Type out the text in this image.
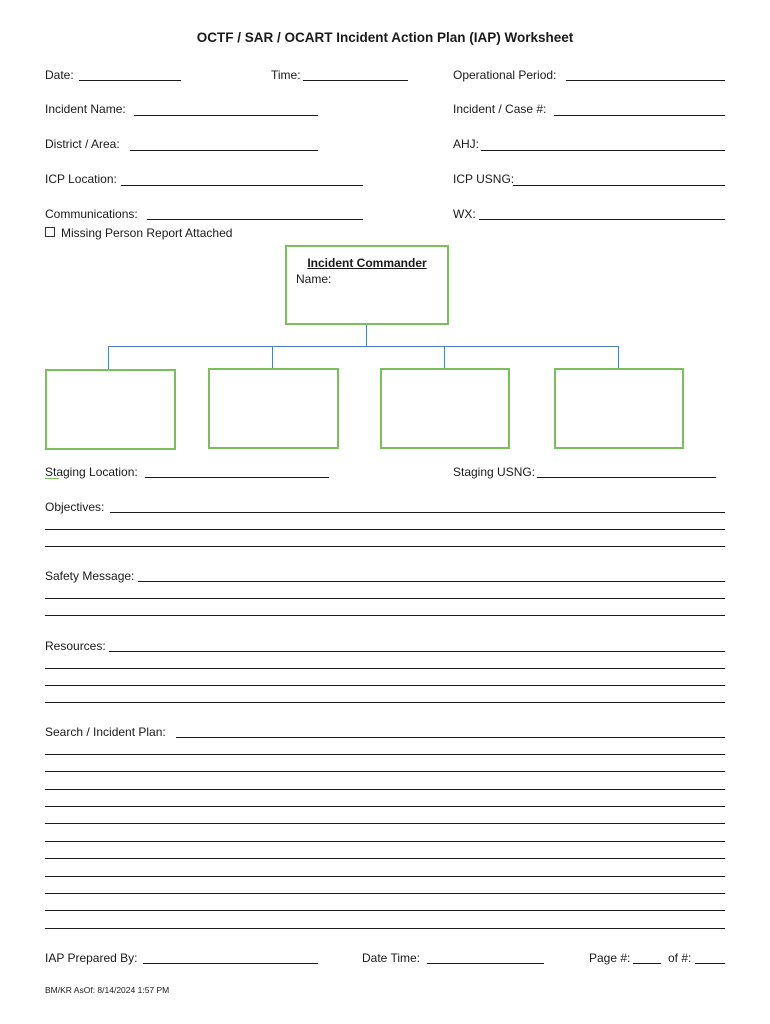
OCTF / SAR / OCART Incident Action Plan (IAP) Worksheet
Date:	Time:	Operational Period:
Incident Name:	Incident / Case #:
District / Area:	AHJ:
ICP Location:	ICP USNG:
Communications:	WX:
Missing Person Report Attached
Incident Commander
Name:
Staging Location:	Staging USNG:
Objectives:
Safety Message:
Resources:
Search / Incident Plan:
IAP Prepared By:	Date Time:	Page #:	of #:
BM/KR AsOf: 8/14/2024 1:57 PM
